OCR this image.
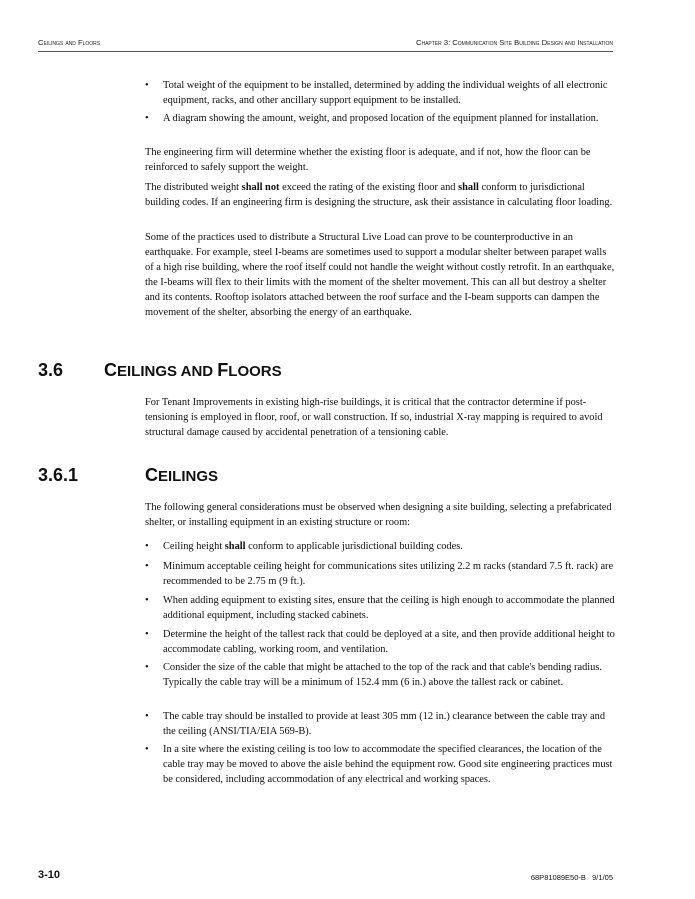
Ceilings and Floors	Chapter 3: Communication Site Building Design and Installation
•	Total weight of the equipment to be installed, determined by adding the individual weights of all electronic equipment, racks, and other ancillary support equipment to be installed.
•	A diagram showing the amount, weight, and proposed location of the equipment planned for installation.

The engineering firm will determine whether the existing floor is adequate, and if not, how the floor can be reinforced to safely support the weight.

The distributed weight shall not exceed the rating of the existing floor and shall conform to jurisdictional building codes. If an engineering firm is designing the structure, ask their assistance in calculating floor loading.

Some of the practices used to distribute a Structural Live Load can prove to be counterproductive in an earthquake. For example, steel I-beams are sometimes used to support a modular shelter between parapet walls of a high rise building, where the roof itself could not handle the weight without costly retrofit. In an earthquake, the I-beams will flex to their limits with the moment of the shelter movement. This can all but destroy a shelter and its contents. Rooftop isolators attached between the roof surface and the I-beam supports can dampen the movement of the shelter, absorbing the energy of an earthquake.

For Tenant Improvements in existing high-rise buildings, it is critical that the contractor determine if post-tensioning is employed in floor, roof, or wall construction. If so, industrial X-ray mapping is required to avoid structural damage caused by accidental penetration of a tensioning cable.

The following general considerations must be observed when designing a site building, selecting a prefabricated shelter, or installing equipment in an existing structure or room:

•	Ceiling height shall conform to applicable jurisdictional building codes.
•	Minimum acceptable ceiling height for communications sites utilizing 2.2 m racks (standard 7.5 ft. rack) are recommended to be 2.75 m (9 ft.).
•	When adding equipment to existing sites, ensure that the ceiling is high enough to accommodate the planned additional equipment, including stacked cabinets.
•	Determine the height of the tallest rack that could be deployed at a site, and then provide additional height to accommodate cabling, working room, and ventilation.
•	Consider the size of the cable that might be attached to the top of the rack and that cable's bending radius. Typically the cable tray will be a minimum of 152.4 mm (6 in.) above the tallest rack or cabinet.
•	The cable tray should be installed to provide at least 305 mm (12 in.) clearance between the cable tray and the ceiling (ANSI/TIA/EIA 569-B).
•	In a site where the existing ceiling is too low to accommodate the specified clearances, the location of the cable tray may be moved to above the aisle behind the equipment row. Good site engineering practices must be considered, including accommodation of any electrical and working spaces.
3.6 CEILINGS AND FLOORS
3.6.1	CEILINGS
3-10	68P81089E50-B   9/1/05
